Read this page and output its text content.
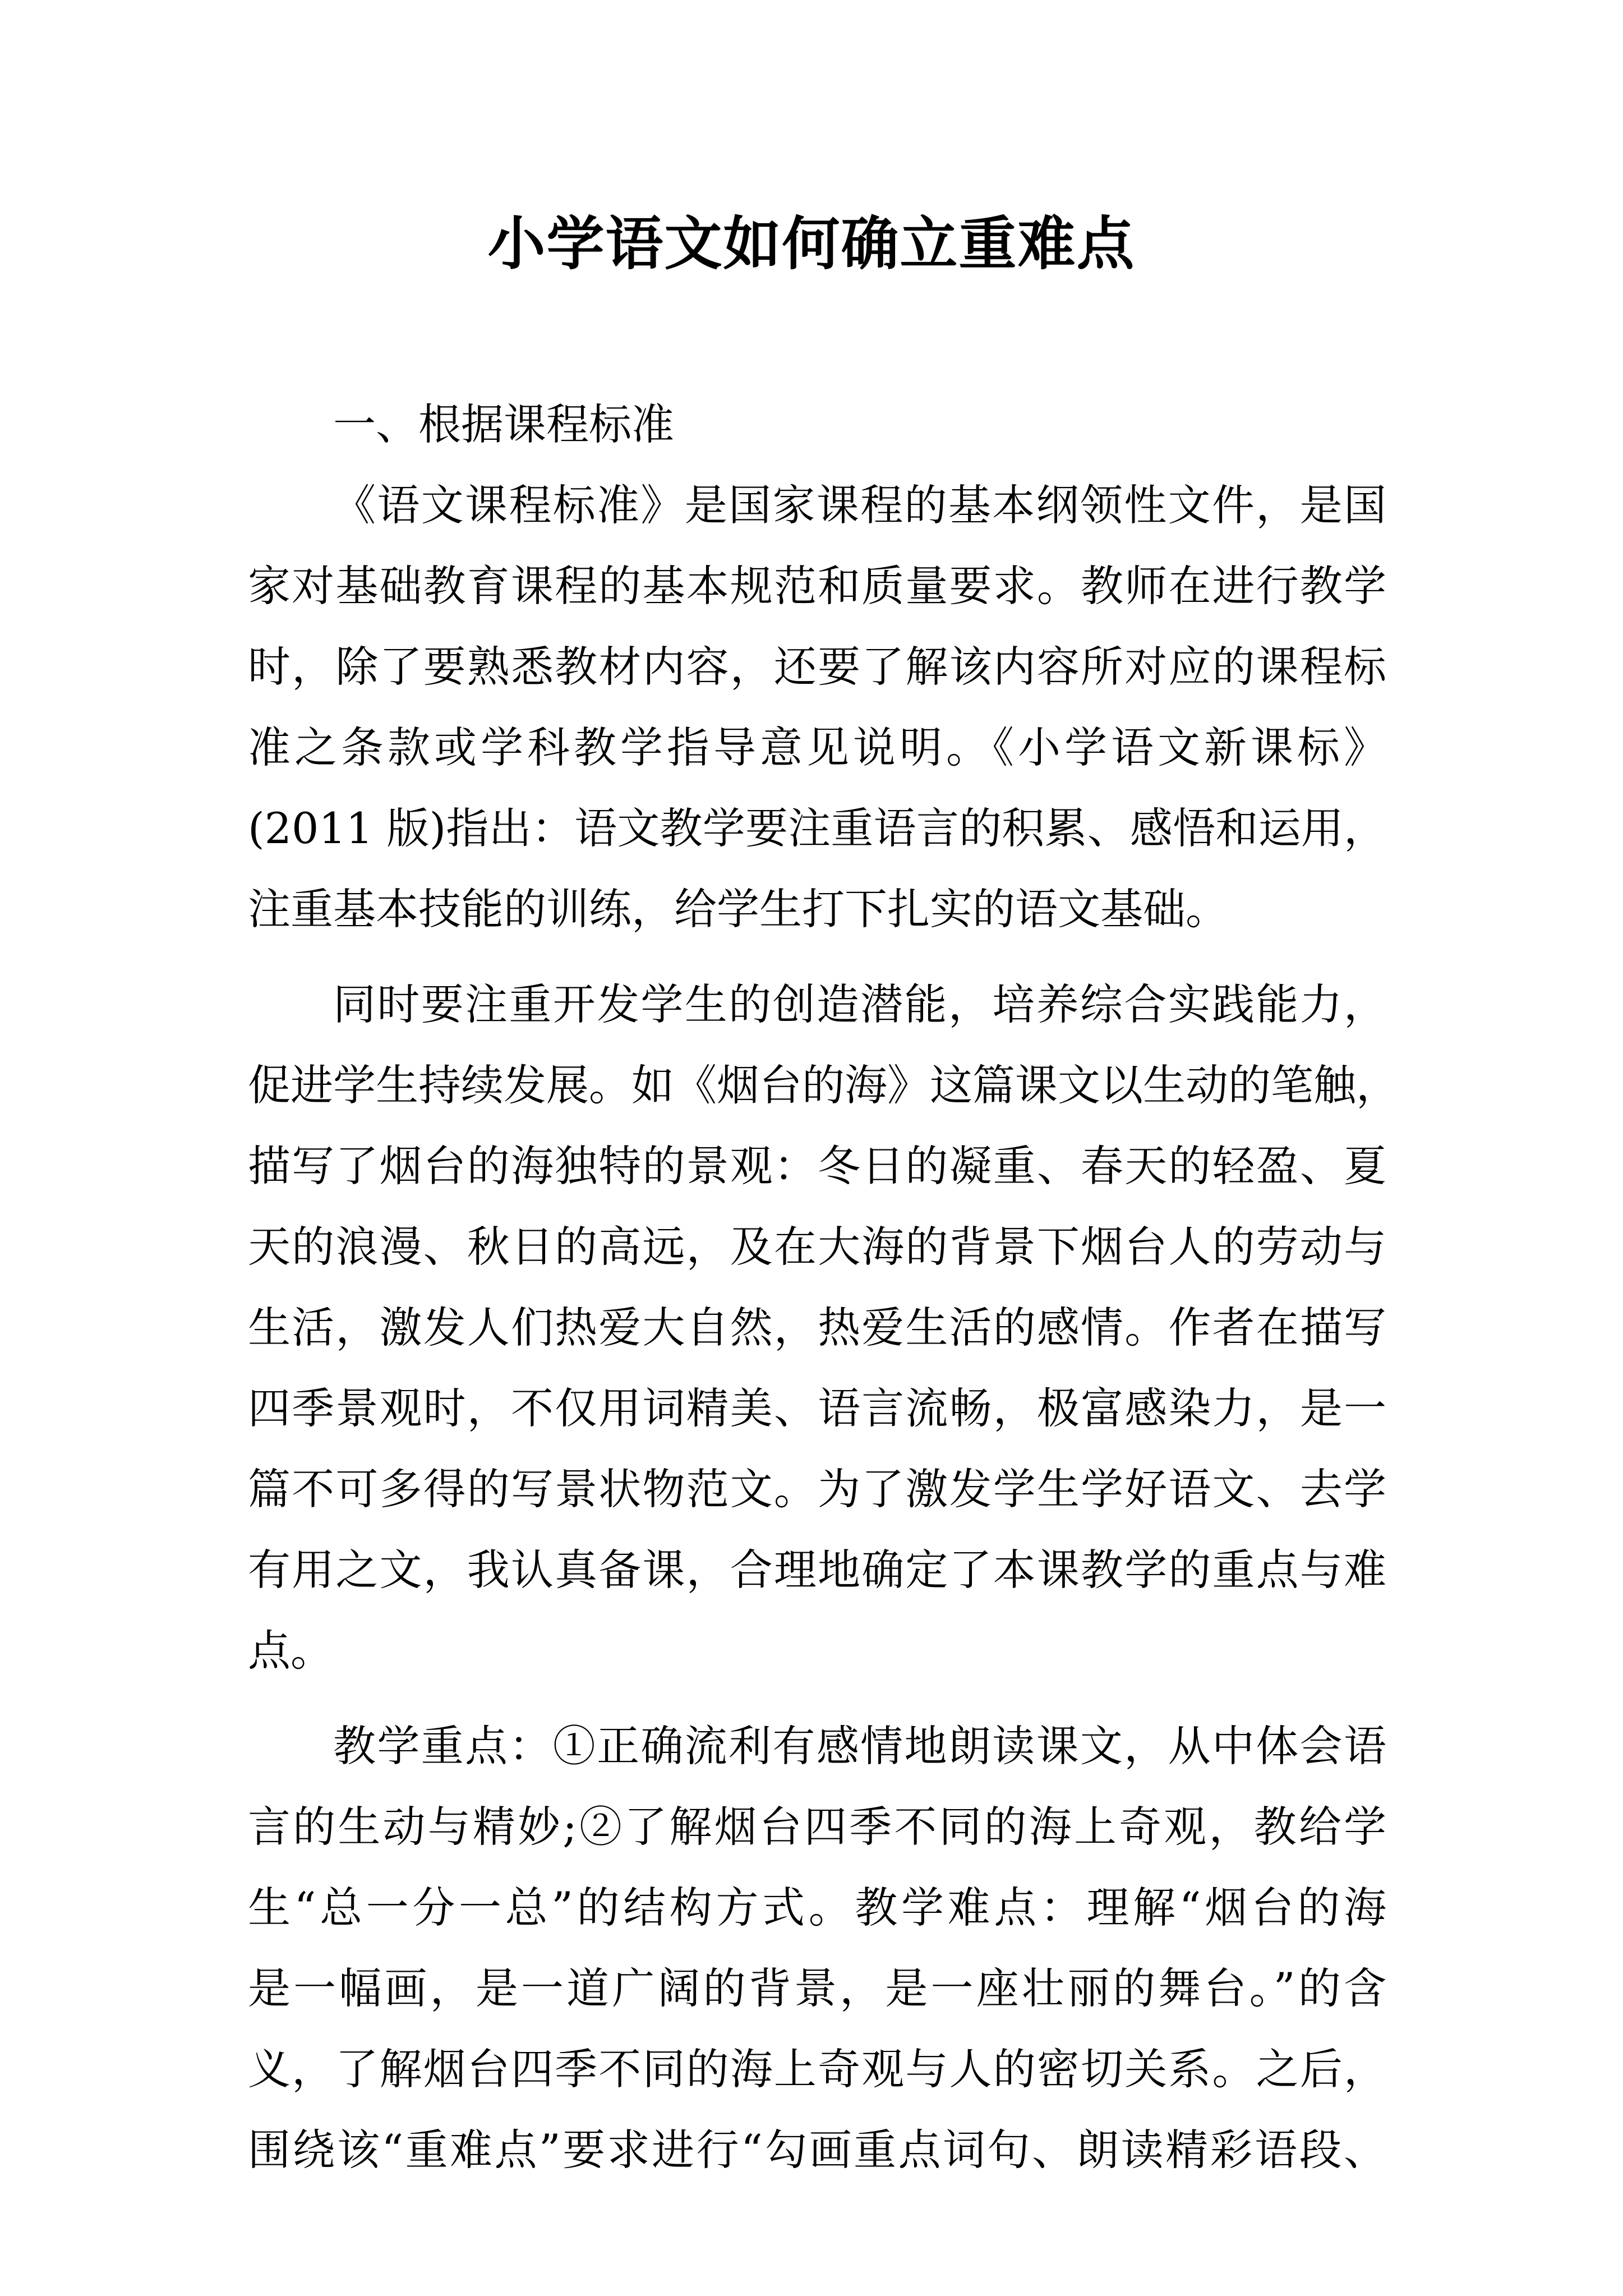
小学语文如何确立重难点
一、根据课程标准
《语文课程标准》是国家课程的基本纲领性文件，是国
家对基础教育课程的基本规范和质量要求。教师在进行教学
时，除了要熟悉教材内容，还要了解该内容所对应的课程标
准之条款或学科教学指导意见说明。《小学语文新课标》
(2011 版)指出：语文教学要注重语言的积累、感悟和运用，
注重基本技能的训练，给学生打下扎实的语文基础。
同时要注重开发学生的创造潜能，培养综合实践能力，
促进学生持续发展。如《烟台的海》这篇课文以生动的笔触，
描写了烟台的海独特的景观：冬日的凝重、春天的轻盈、夏
天的浪漫、秋日的高远，及在大海的背景下烟台人的劳动与
生活，激发人们热爱大自然，热爱生活的感情。作者在描写
四季景观时，不仅用词精美、语言流畅，极富感染力，是一
篇不可多得的写景状物范文。为了激发学生学好语文、去学
有用之文，我认真备课，合理地确定了本课教学的重点与难
点。
教学重点：①正确流利有感情地朗读课文，从中体会语
言的生动与精妙;②了解烟台四季不同的海上奇观，教给学
生“总一分一总”的结构方式。教学难点：理解“烟台的海
是一幅画，是一道广阔的背景，是一座壮丽的舞台。”的含
义，了解烟台四季不同的海上奇观与人的密切关系。之后，
围绕该“重难点”要求进行“勾画重点词句、朗读精彩语段、
